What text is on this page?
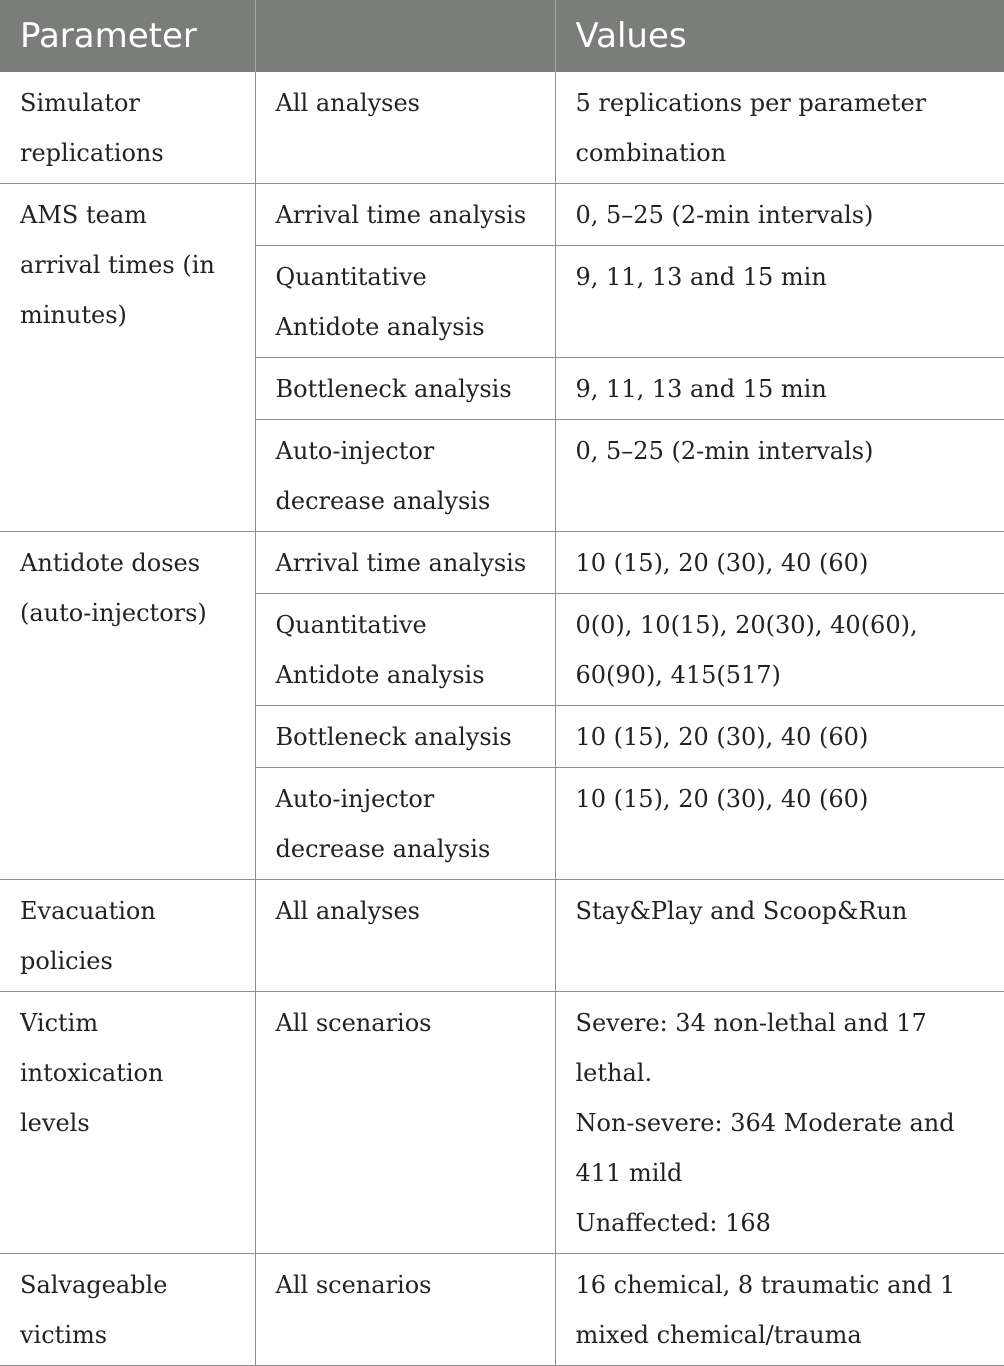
Parameter		Values
Simulator replications	All analyses	5 replications per parameter combination
AMS team arrival times (in minutes)	Arrival time analysis	0, 5–25 (2-min intervals)
	Quantitative Antidote analysis	9, 11, 13 and 15 min
	Bottleneck analysis	9, 11, 13 and 15 min
	Auto-injector decrease analysis	0, 5–25 (2-min intervals)
Antidote doses (auto-injectors)	Arrival time analysis	10 (15), 20 (30), 40 (60)
	Quantitative Antidote analysis	0(0), 10(15), 20(30), 40(60), 60(90), 415(517)
	Bottleneck analysis	10 (15), 20 (30), 40 (60)
	Auto-injector decrease analysis	10 (15), 20 (30), 40 (60)
Evacuation policies	All analyses	Stay&Play and Scoop&Run
Victim intoxication levels	All scenarios	Severe: 34 non-lethal and 17 lethal.
Non-severe: 364 Moderate and 411 mild
Unaffected: 168

Salvageable victims	All scenarios	16 chemical, 8 traumatic and 1 mixed chemical/trauma
